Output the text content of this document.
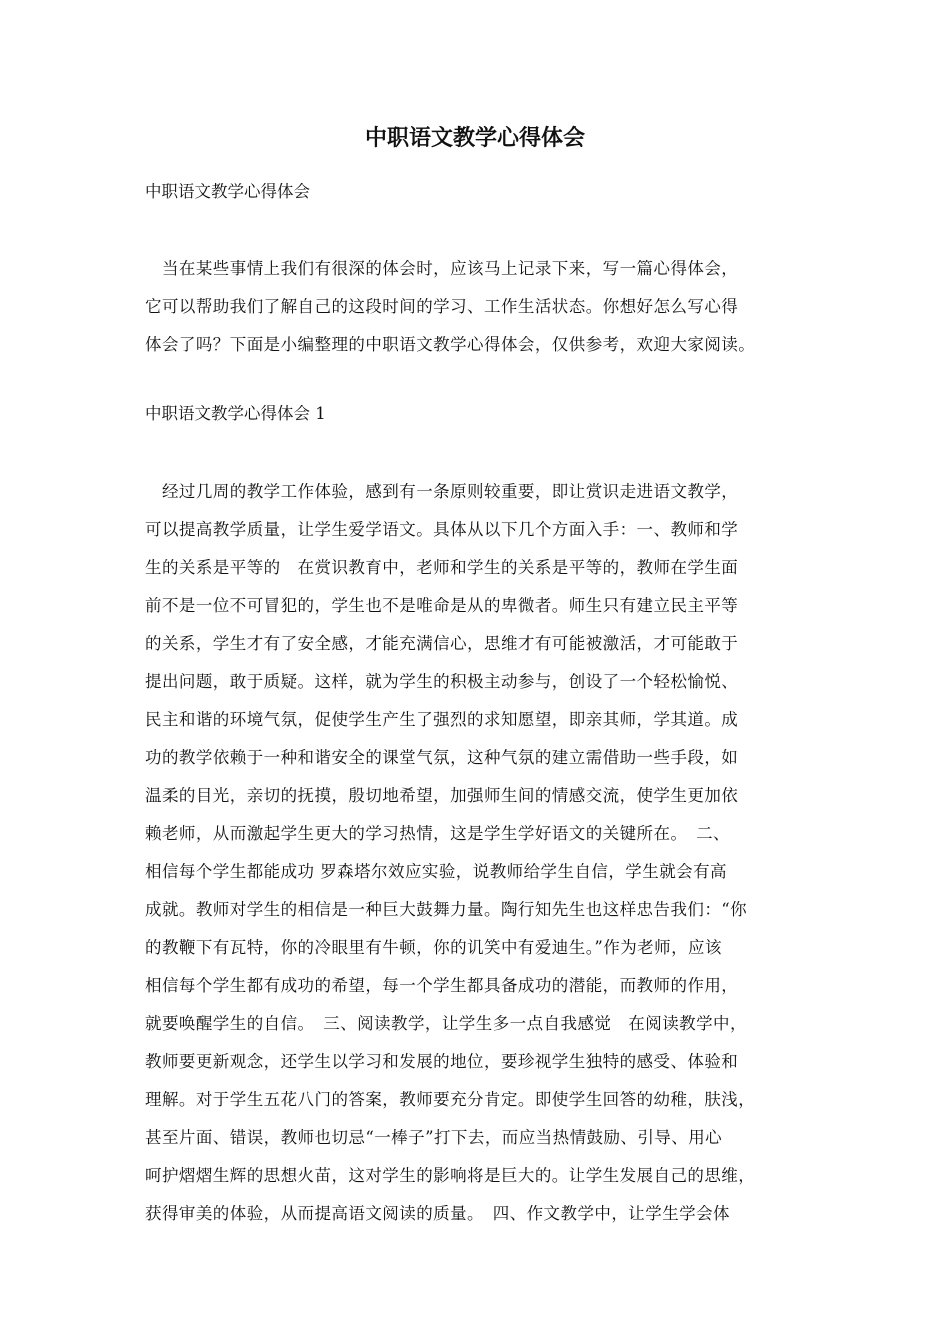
中职语文教学心得体会

中职语文教学心得体会

　当在某些事情上我们有很深的体会时，应该马上记录下来，写一篇心得体会，
它可以帮助我们了解自己的这段时间的学习、工作生活状态。你想好怎么写心得
体会了吗？下面是小编整理的中职语文教学心得体会，仅供参考，欢迎大家阅读。

中职语文教学心得体会 1

　经过几周的教学工作体验，感到有一条原则较重要，即让赏识走进语文教学，
可以提高教学质量，让学生爱学语文。具体从以下几个方面入手：一、教师和学
生的关系是平等的　在赏识教育中，老师和学生的关系是平等的，教师在学生面
前不是一位不可冒犯的，学生也不是唯命是从的卑微者。师生只有建立民主平等
的关系，学生才有了安全感，才能充满信心，思维才有可能被激活，才可能敢于
提出问题，敢于质疑。这样，就为学生的积极主动参与，创设了一个轻松愉悦、
民主和谐的环境气氛，促使学生产生了强烈的求知愿望，即亲其师，学其道。成
功的教学依赖于一种和谐安全的课堂气氛，这种气氛的建立需借助一些手段，如
温柔的目光，亲切的抚摸，殷切地希望，加强师生间的情感交流，使学生更加依
赖老师，从而激起学生更大的学习热情，这是学生学好语文的关键所在。　二、
相信每个学生都能成功 罗森塔尔效应实验，说教师给学生自信，学生就会有高
成就。教师对学生的相信是一种巨大鼓舞力量。陶行知先生也这样忠告我们：“你
的教鞭下有瓦特，你的冷眼里有牛顿，你的讥笑中有爱迪生。”作为老师，应该
相信每个学生都有成功的希望，每一个学生都具备成功的潜能，而教师的作用，
就要唤醒学生的自信。　三、阅读教学，让学生多一点自我感觉　在阅读教学中，
教师要更新观念，还学生以学习和发展的地位，要珍视学生独特的感受、体验和
理解。对于学生五花八门的答案，教师要充分肯定。即使学生回答的幼稚，肤浅，
甚至片面、错误，教师也切忌“一棒子”打下去，而应当热情鼓励、引导、用心
呵护熠熠生辉的思想火苗，这对学生的影响将是巨大的。让学生发展自己的思维，
获得审美的体验，从而提高语文阅读的质量。　四、作文教学中，让学生学会体
